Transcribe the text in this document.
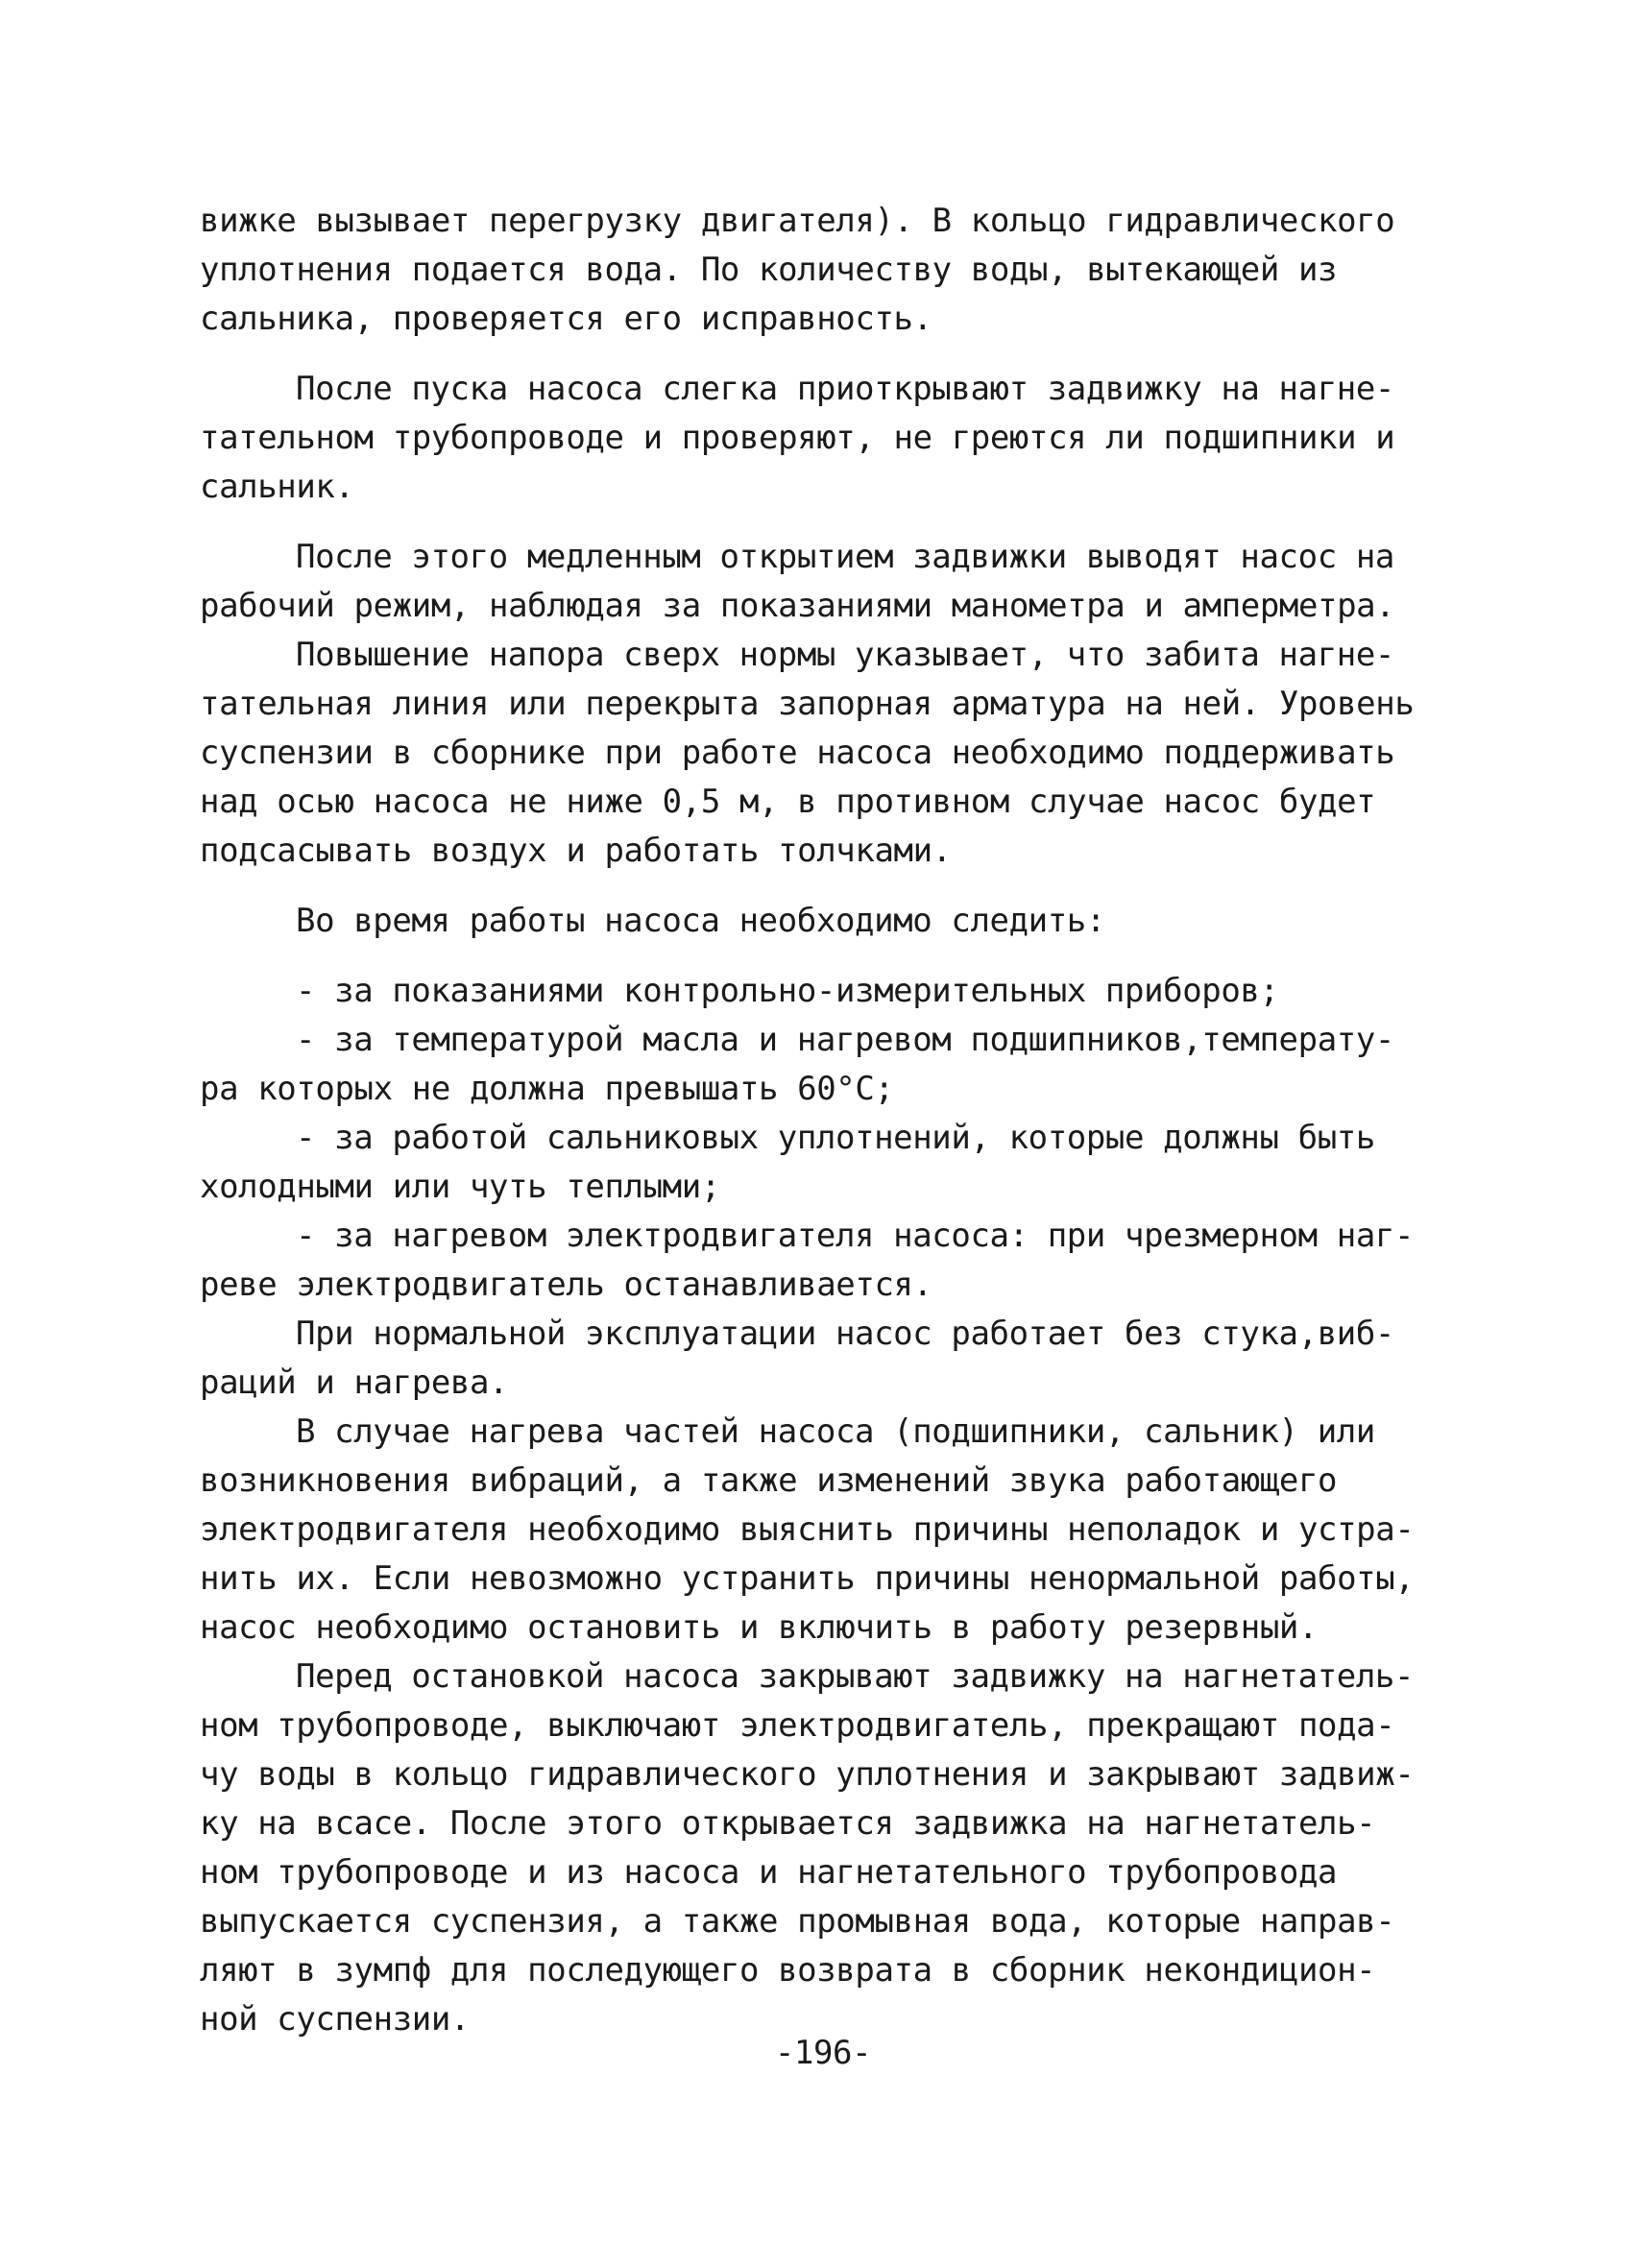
вижке вызывает перегрузку двигателя). В кольцо гидравлического
уплотнения подается вода. По количеству воды, вытекающей из
сальника, проверяется его исправность.
После пуска насоса слегка приоткрывают задвижку на нагне-
тательном трубопроводе и проверяют, не греются ли подшипники и
сальник.
После этого медленным открытием задвижки выводят насос на
рабочий режим, наблюдая за показаниями манометра и амперметра.
Повышение напора сверх нормы указывает, что забита нагне-
тательная линия или перекрыта запорная арматура на ней. Уровень
суспензии в сборнике при работе насоса необходимо поддерживать
над осью насоса не ниже 0,5 м, в противном случае насос будет
подсасывать воздух и работать толчками.
Во время работы насоса необходимо следить:
- за показаниями контрольно-измерительных приборов;
- за температурой масла и нагревом подшипников,температу-
ра которых не должна превышать 60°С;
- за работой сальниковых уплотнений, которые должны быть
холодными или чуть теплыми;
- за нагревом электродвигателя насоса: при чрезмерном наг-
реве электродвигатель останавливается.
При нормальной эксплуатации насос работает без стука,виб-
раций и нагрева.
В случае нагрева частей насоса (подшипники, сальник) или
возникновения вибраций, а также изменений звука работающего
электродвигателя необходимо выяснить причины неполадок и устра-
нить их. Если невозможно устранить причины ненормальной работы,
насос необходимо остановить и включить в работу резервный.
Перед остановкой насоса закрывают задвижку на нагнетатель-
ном трубопроводе, выключают электродвигатель, прекращают пода-
чу воды в кольцо гидравлического уплотнения и закрывают задвиж-
ку на всасе. После этого открывается задвижка на нагнетатель-
ном трубопроводе и из насоса и нагнетательного трубопровода
выпускается суспензия, а также промывная вода, которые направ-
ляют в зумпф для последующего возврата в сборник некондицион-
ной суспензии.
-196-
